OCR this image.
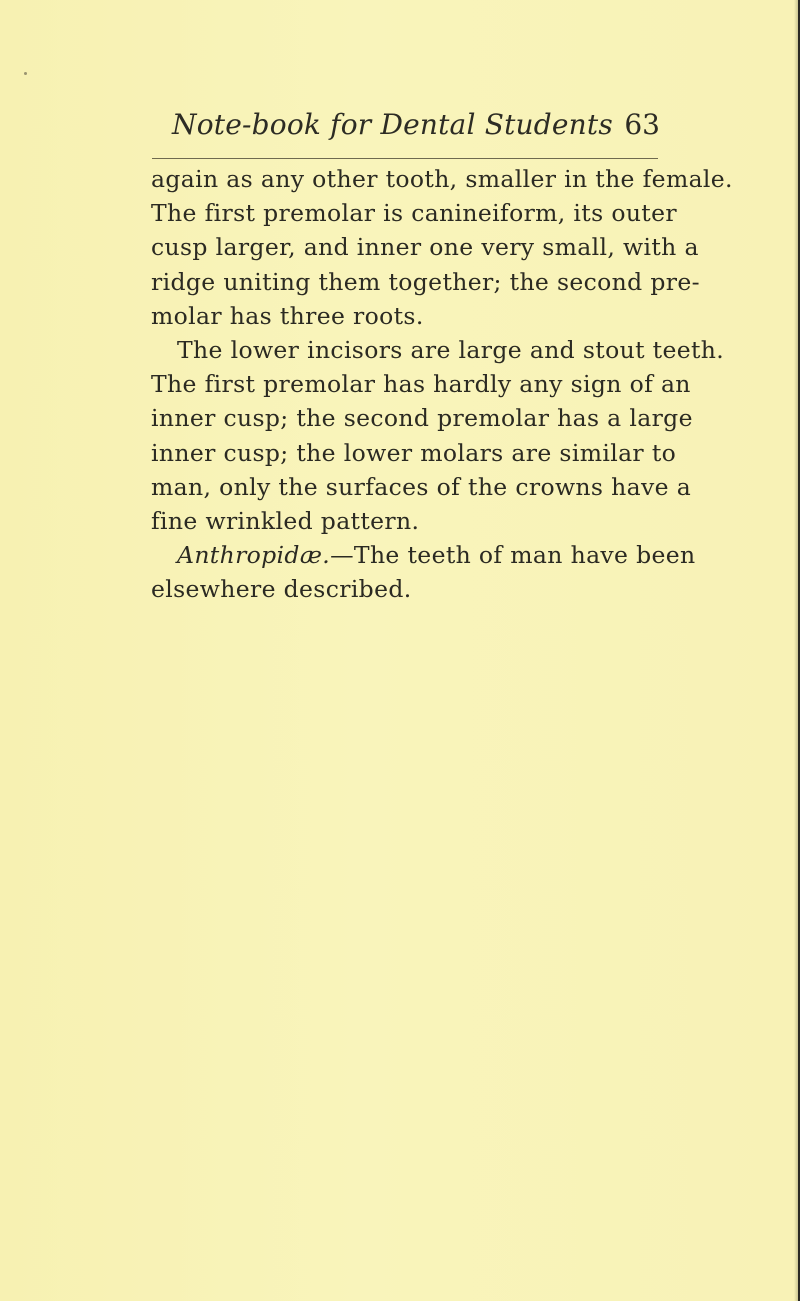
Note-book for Dental Students 63
again as any other tooth, smaller in the female.
The first premolar is canineiform, its outer
cusp larger, and inner one very small, with a
ridge uniting them together; the second pre-
molar has three roots.
The lower incisors are large and stout teeth.
The first premolar has hardly any sign of an
inner cusp; the second premolar has a large
inner cusp; the lower molars are similar to
man, only the surfaces of the crowns have a
fine wrinkled pattern.
Anthropidæ.—The teeth of man have been
elsewhere described.
